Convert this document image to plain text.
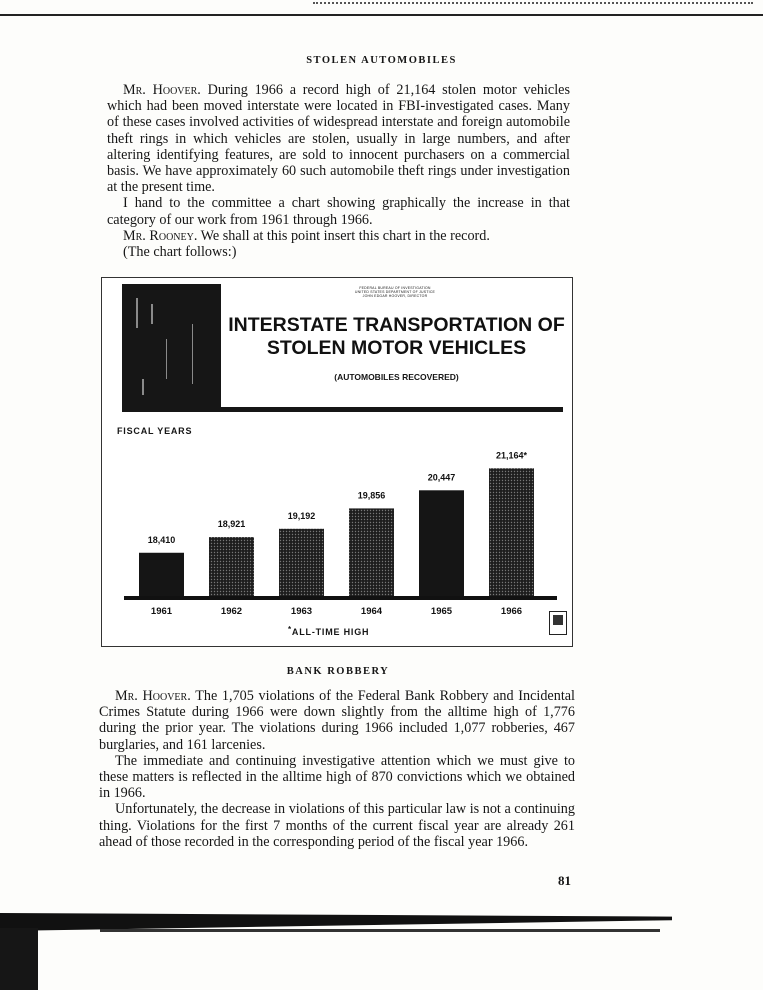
STOLEN AUTOMOBILES

Mr. Hoover. During 1966 a record high of 21,164 stolen motor vehicles which had been moved interstate were located in FBI-investigated cases. Many of these cases involved activities of widespread interstate and foreign automobile theft rings in which vehicles are stolen, usually in large numbers, and after altering identifying features, are sold to innocent purchasers on a commercial basis. We have approximately 60 such automobile theft rings under investigation at the present time.

I hand to the committee a chart showing graphically the increase in that category of our work from 1961 through 1966.

Mr. Rooney. We shall at this point insert this chart in the record.

(The chart follows:)

FEDERAL BUREAU OF INVESTIGATION
UNITED STATES DEPARTMENT OF JUSTICE
JOHN EDGAR HOOVER, DIRECTOR
INTERSTATE TRANSPORTATION OF
STOLEN MOTOR VEHICLES
(AUTOMOBILES RECOVERED)
FISCAL YEARS
18,410
1961
18,921
1962
19,192
1963
19,856
1964
20,447
1965
21,164*
1966
*ALL-TIME HIGH
BANK ROBBERY

Mr. Hoover. The 1,705 violations of the Federal Bank Robbery and Incidental Crimes Statute during 1966 were down slightly from the alltime high of 1,776 during the prior year. The violations during 1966 included 1,077 robberies, 467 burglaries, and 161 larcenies.

The immediate and continuing investigative attention which we must give to these matters is reflected in the alltime high of 870 convictions which we obtained in 1966.

Unfortunately, the decrease in violations of this particular law is not a continuing thing. Violations for the first 7 months of the current fiscal year are already 261 ahead of those recorded in the corresponding period of the fiscal year 1966.

81
